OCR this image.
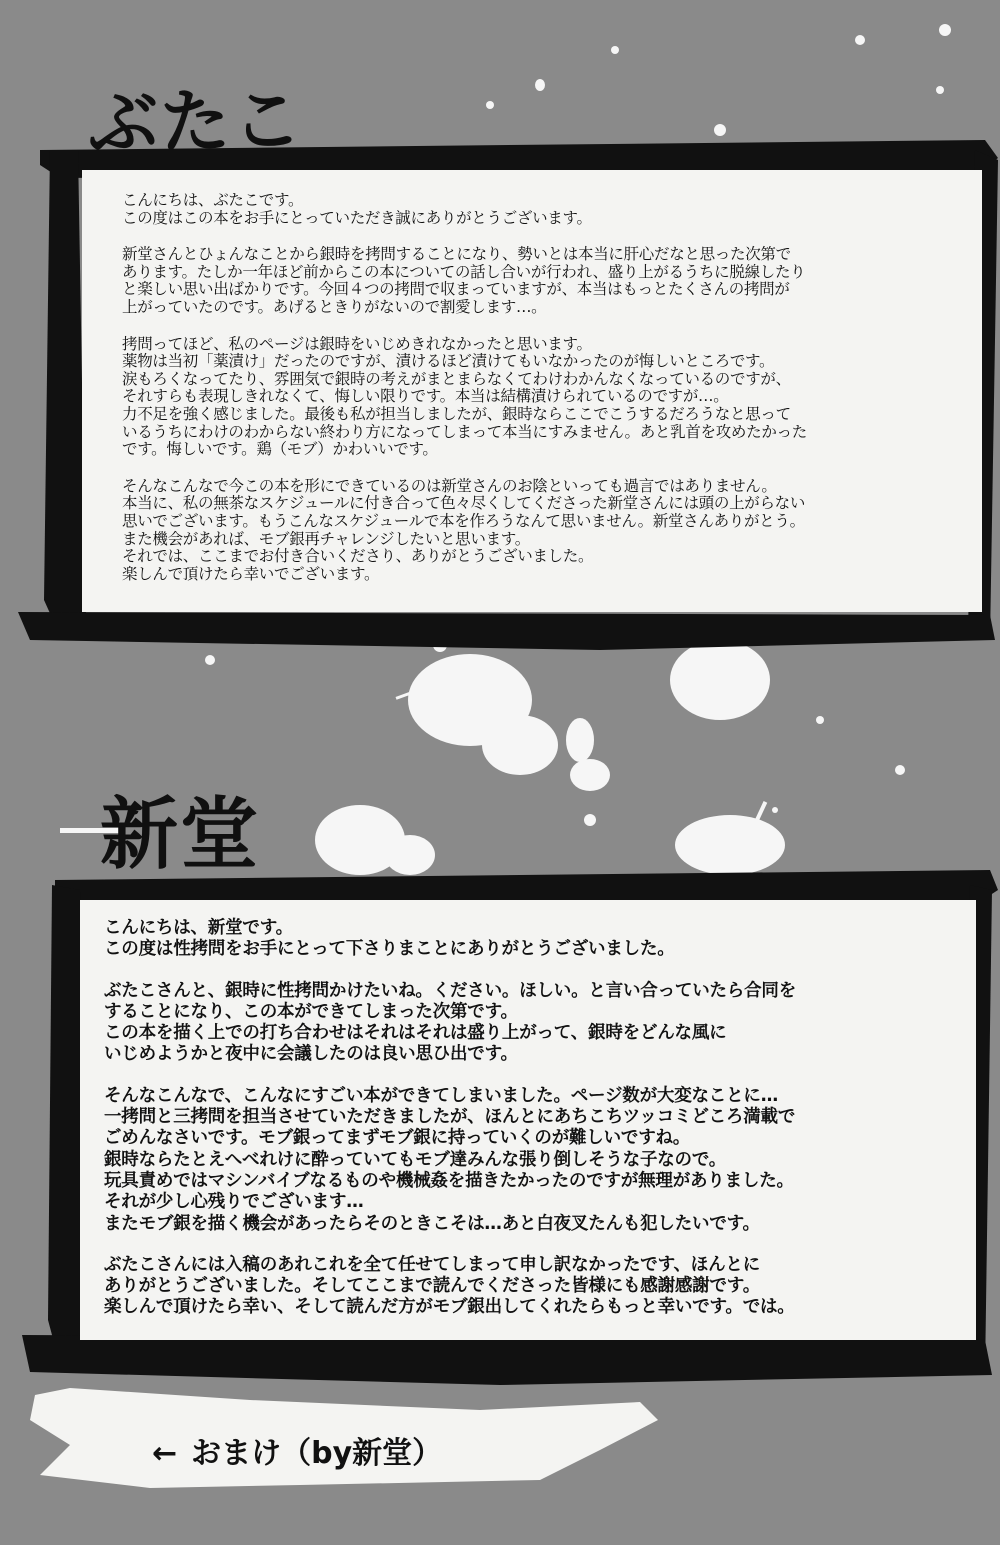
ぶたこ
こんにちは、ぶたこです。
この度はこの本をお手にとっていただき誠にありがとうございます。
新堂さんとひょんなことから銀時を拷問することになり、勢いとは本当に肝心だなと思った次第で
あります。たしか一年ほど前からこの本についての話し合いが行われ、盛り上がるうちに脱線したり
と楽しい思い出ばかりです。今回４つの拷問で収まっていますが、本当はもっとたくさんの拷問が
上がっていたのです。あげるときりがないので割愛します…。
拷問ってほど、私のページは銀時をいじめきれなかったと思います。
薬物は当初「薬漬け」だったのですが、漬けるほど漬けてもいなかったのが悔しいところです。
涙もろくなってたり、雰囲気で銀時の考えがまとまらなくてわけわかんなくなっているのですが、
それすらも表現しきれなくて、悔しい限りです。本当は結構漬けられているのですが…。
力不足を強く感じました。最後も私が担当しましたが、銀時ならここでこうするだろうなと思って
いるうちにわけのわからない終わり方になってしまって本当にすみません。あと乳首を攻めたかった
です。悔しいです。鶏（モブ）かわいいです。
そんなこんなで今この本を形にできているのは新堂さんのお陰といっても過言ではありません。
本当に、私の無茶なスケジュールに付き合って色々尽くしてくださった新堂さんには頭の上がらない
思いでございます。もうこんなスケジュールで本を作ろうなんて思いません。新堂さんありがとう。
また機会があれば、モブ銀再チャレンジしたいと思います。
それでは、ここまでお付き合いくださり、ありがとうございました。
楽しんで頂けたら幸いでございます。
新堂
こんにちは、新堂です。
この度は性拷問をお手にとって下さりまことにありがとうございました。
ぶたこさんと、銀時に性拷問かけたいね。ください。ほしい。と言い合っていたら合同を
することになり、この本ができてしまった次第です。
この本を描く上での打ち合わせはそれはそれは盛り上がって、銀時をどんな風に
いじめようかと夜中に会議したのは良い思ひ出です。
そんなこんなで、こんなにすごい本ができてしまいました。ページ数が大変なことに…
一拷問と三拷問を担当させていただきましたが、ほんとにあちこちツッコミどころ満載で
ごめんなさいです。モブ銀ってまずモブ銀に持っていくのが難しいですね。
銀時ならたとえへべれけに酔っていてもモブ達みんな張り倒しそうな子なので。
玩具責めではマシンバイブなるものや機械姦を描きたかったのですが無理がありました。
それが少し心残りでございます…
またモブ銀を描く機会があったらそのときこそは…あと白夜叉たんも犯したいです。
ぶたこさんには入稿のあれこれを全て任せてしまって申し訳なかったです、ほんとに
ありがとうございました。そしてここまで読んでくださった皆様にも感謝感謝です。
楽しんで頂けたら幸い、そして読んだ方がモブ銀出してくれたらもっと幸いです。では。
← おまけ（by新堂）
